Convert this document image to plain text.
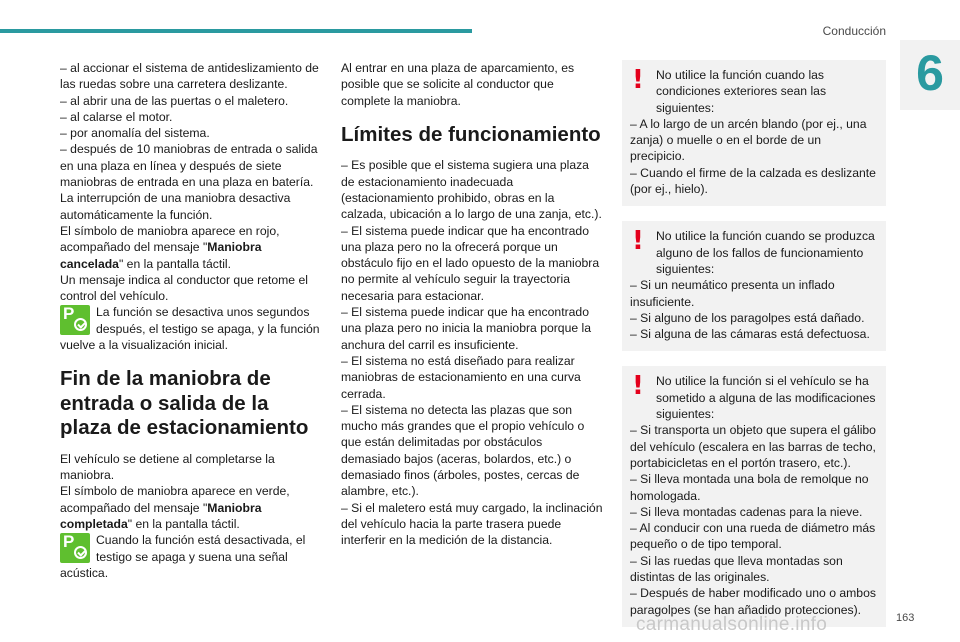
Conducción
6

– al accionar el sistema de antideslizamiento de las ruedas sobre una carretera deslizante.

– al abrir una de las puertas o el maletero.

– al calarse el motor.

– por anomalía del sistema.

– después de 10 maniobras de entrada o salida en una plaza en línea y después de siete maniobras de entrada en una plaza en batería.

La interrupción de una maniobra desactiva automáticamente la función.

El símbolo de maniobra aparece en rojo, acompañado del mensaje "Maniobra cancelada" en la pantalla táctil.

Un mensaje indica al conductor que retome el control del vehículo.

P	La función se desactiva unos segundos después, el testigo se apaga, y la función vuelve a la visualización inicial.

Fin de la maniobra de entrada o salida de la plaza de estacionamiento

El vehículo se detiene al completarse la maniobra.

El símbolo de maniobra aparece en verde, acompañado del mensaje "Maniobra completada" en la pantalla táctil.

P	Cuando la función está desactivada, el testigo se apaga y suena una señal acústica.

Al entrar en una plaza de aparcamiento, es posible que se solicite al conductor que complete la maniobra.

Límites de funcionamiento

– Es posible que el sistema sugiera una plaza de estacionamiento inadecuada (estacionamiento prohibido, obras en la calzada, ubicación a lo largo de una zanja, etc.).

– El sistema puede indicar que ha encontrado una plaza pero no la ofrecerá porque un obstáculo fijo en el lado opuesto de la maniobra no permite al vehículo seguir la trayectoria necesaria para estacionar.

– El sistema puede indicar que ha encontrado una plaza pero no inicia la maniobra porque la anchura del carril es insuficiente.

– El sistema no está diseñado para realizar maniobras de estacionamiento en una curva cerrada.

– El sistema no detecta las plazas que son mucho más grandes que el propio vehículo o que están delimitadas por obstáculos demasiado bajos (aceras, bolardos, etc.) o demasiado finos (árboles, postes, cercas de alambre, etc.).

– Si el maletero está muy cargado, la inclinación del vehículo hacia la parte trasera puede interferir en la medición de la distancia.

! No utilice la función cuando las condiciones exteriores sean las siguientes:

– A lo largo de un arcén blando (por ej., una zanja) o muelle o en el borde de un precipicio.

– Cuando el firme de la calzada es deslizante (por ej., hielo).

! No utilice la función cuando se produzca alguno de los fallos de funcionamiento siguientes:

– Si un neumático presenta un inflado insuficiente.

– Si alguno de los paragolpes está dañado.

– Si alguna de las cámaras está defectuosa.

! No utilice la función si el vehículo se ha sometido a alguna de las modificaciones siguientes:

– Si transporta un objeto que supera el gálibo del vehículo (escalera en las barras de techo, portabicicletas en el portón trasero, etc.).

– Si lleva montada una bola de remolque no homologada.

– Si lleva montadas cadenas para la nieve.

– Al conducir con una rueda de diámetro más pequeño o de tipo temporal.

– Si las ruedas que lleva montadas son distintas de las originales.

– Después de haber modificado uno o ambos paragolpes (se han añadido protecciones).

carmanualsonline.info	163
